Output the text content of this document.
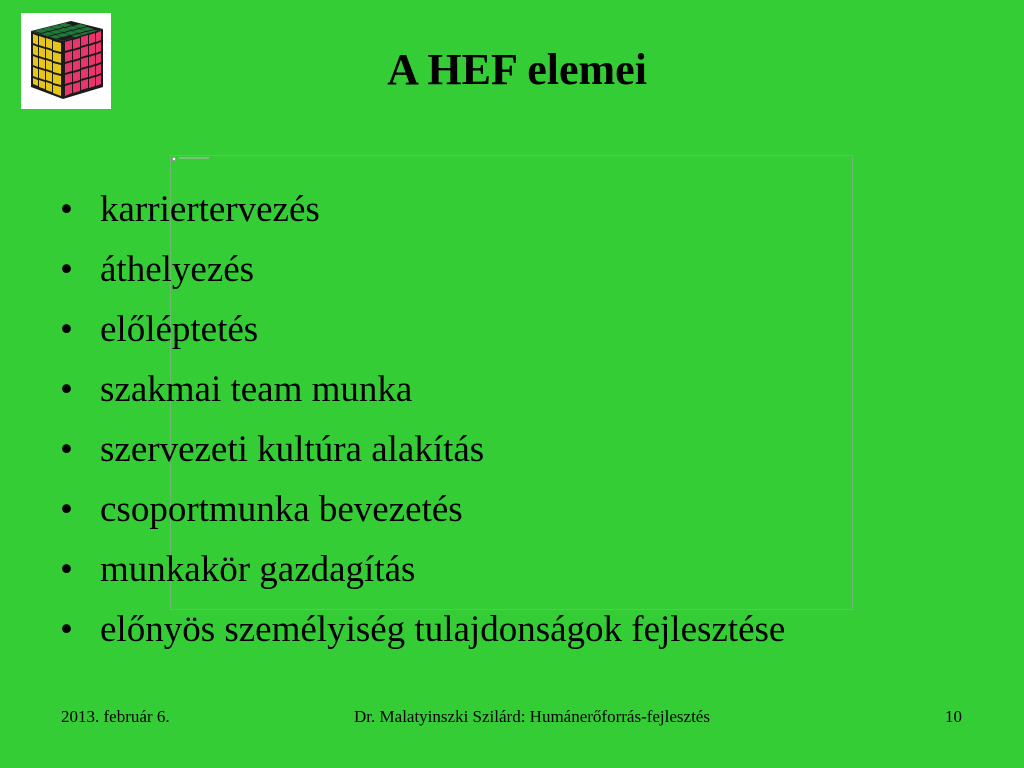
A HEF elemei
• karriertervezés
• áthelyezés
• előléptetés
• szakmai team munka
• szervezeti kultúra alakítás
• csoportmunka bevezetés
• munkakör gazdagítás
• előnyös személyiség tulajdonságok fejlesztése
2013. február 6.	Dr. Malatyinszki Szilárd: Humánerőforrás-fejlesztés	10
